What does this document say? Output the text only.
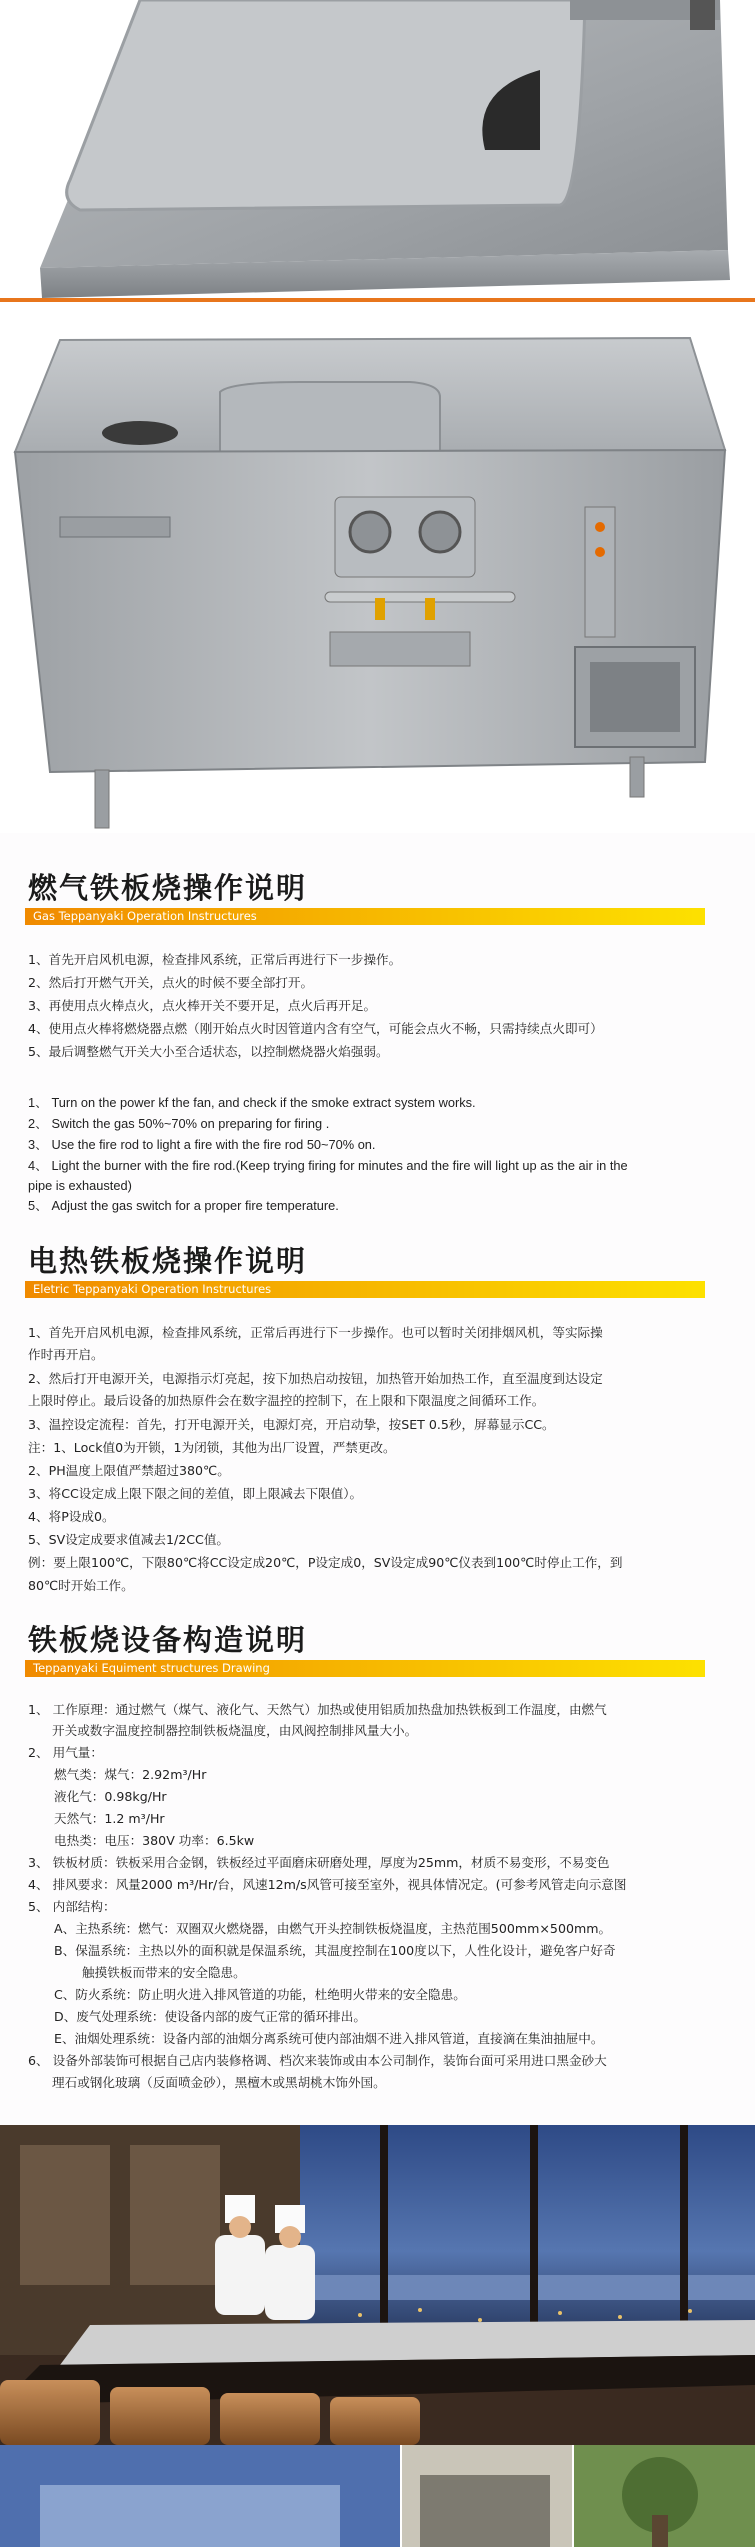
燃气铁板烧操作说明
Gas Teppanyaki Operation Instructures
1、首先开启风机电源，检查排风系统，正常后再进行下一步操作。
2、然后打开燃气开关，点火的时候不要全部打开。
3、再使用点火棒点火，点火棒开关不要开足，点火后再开足。
4、使用点火棒将燃烧器点燃（刚开始点火时因管道内含有空气，可能会点火不畅，只需持续点火即可）
5、最后调整燃气开关大小至合适状态，以控制燃烧器火焰强弱。
1、 Turn on the power kf the fan, and check if the smoke extract system works.
2、 Switch the gas 50%~70% on preparing for firing .
3、 Use the fire rod to light a fire with the fire rod 50~70% on.
4、 Light the burner with the fire rod.(Keep trying firing for minutes and the fire will light up as the air in the
pipe is exhausted)
5、 Adjust the gas switch for a proper fire temperature.
电热铁板烧操作说明
Eletric Teppanyaki Operation Instructures
1、首先开启风机电源，检查排风系统，正常后再进行下一步操作。也可以暂时关闭排烟风机，等实际操
作时再开启。
2、然后打开电源开关，电源指示灯亮起，按下加热启动按钮，加热管开始加热工作，直至温度到达设定
上限时停止。最后设备的加热原件会在数字温控的控制下，在上限和下限温度之间循环工作。
3、温控设定流程：首先，打开电源开关，电源灯亮，开启动挚，按SET 0.5秒，屏幕显示CC。
注：1、Lock值0为开锁，1为闭锁，其他为出厂设置，严禁更改。
2、PH温度上限值严禁超过380℃。
3、将CC设定成上限下限之间的差值，即上限减去下限值）。
4、将P设成0。
5、SV设定成要求值减去1/2CC值。
例：要上限100℃，下限80℃将CC设定成20℃，P设定成0，SV设定成90℃仪表到100℃时停止工作，到
80℃时开始工作。
铁板烧设备构造说明
Teppanyaki Equiment structures Drawing
1、 工作原理：通过燃气（煤气、液化气、天然气）加热或使用铝质加热盘加热铁板到工作温度，由燃气
开关或数字温度控制器控制铁板烧温度，由风阀控制排风量大小。
2、 用气量：
燃气类：煤气：2.92m³/Hr
液化气：0.98kg/Hr
天然气：1.2 m³/Hr
电热类：电压：380V 功率：6.5kw
3、 铁板材质：铁板采用合金钢，铁板经过平面磨床研磨处理，厚度为25mm，材质不易变形，不易变色
4、 排风要求：风量2000 m³/Hr/台，风速12m/s风管可接至室外，视具体情况定。(可参考风管走向示意图
5、 内部结构：
A、主热系统：燃气：双圈双火燃烧器，由燃气开头控制铁板烧温度，主热范围500mm×500mm。
B、保温系统：主热以外的面积就是保温系统，其温度控制在100度以下，人性化设计，避免客户好奇
触摸铁板而带来的安全隐患。
C、防火系统：防止明火进入排风管道的功能，杜绝明火带来的安全隐患。
D、废气处理系统：使设备内部的废气正常的循环排出。
E、油烟处理系统：设备内部的油烟分离系统可使内部油烟不进入排风管道，直接滴在集油抽屉中。
6、 设备外部装饰可根据自己店内装修格调、档次来装饰或由本公司制作，装饰台面可采用进口黑金砂大
理石或钢化玻璃（反面喷金砂），黑檀木或黑胡桃木饰外国。
